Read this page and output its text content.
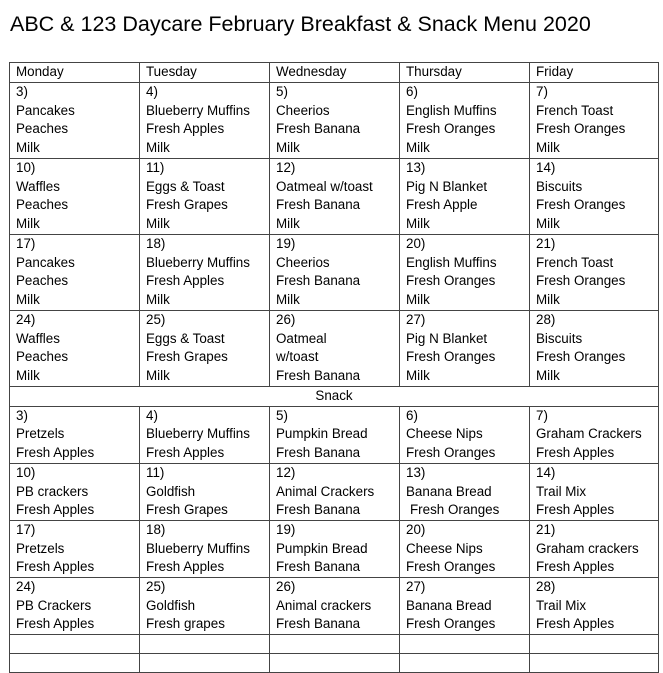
ABC & 123 Daycare February Breakfast & Snack Menu 2020
Monday	Tuesday	Wednesday	Thursday	Friday

3)
Pancakes
Peaches
Milk	4)
Blueberry Muffins
Fresh Apples
Milk	5)
Cheerios
Fresh Banana
Milk	6)
English Muffins
Fresh Oranges
Milk	7)
French Toast
Fresh Oranges
Milk

10)
Waffles
Peaches
Milk	11)
Eggs & Toast
Fresh Grapes
Milk	12)
Oatmeal w/toast
Fresh Banana
Milk	13)
Pig N Blanket
Fresh Apple
Milk	14)
Biscuits
Fresh Oranges
Milk

17)
Pancakes
Peaches
Milk	18)
Blueberry Muffins
Fresh Apples
Milk	19)
Cheerios
Fresh Banana
Milk	20)
English Muffins
Fresh Oranges
Milk	21)
French Toast
Fresh Oranges
Milk

24)
Waffles
Peaches
Milk	25)
Eggs & Toast
Fresh Grapes
Milk	26)
Oatmeal
w/toast
Fresh Banana	27)
Pig N Blanket
Fresh Oranges
Milk	28)
Biscuits
Fresh Oranges
Milk

Snack				

3)
Pretzels
Fresh Apples	4)
Blueberry Muffins
Fresh Apples	5)
Pumpkin Bread
Fresh Banana	6)
Cheese Nips
Fresh Oranges	7)
Graham Crackers
Fresh Apples

10)
PB crackers
Fresh Apples	11)
Goldfish
Fresh Grapes	12)
Animal Crackers
Fresh Banana	13)
Banana Bread
Fresh Oranges	14)
Trail Mix
Fresh Apples

17)
Pretzels
Fresh Apples	18)
Blueberry Muffins
Fresh Apples	19)
Pumpkin Bread
Fresh Banana	20)
Cheese Nips
Fresh Oranges	21)
Graham crackers
Fresh Apples

24)
PB Crackers
Fresh Apples	25)
Goldfish
Fresh grapes	26)
Animal crackers
Fresh Banana	27)
Banana Bread
Fresh Oranges	28)
Trail Mix
Fresh Apples
